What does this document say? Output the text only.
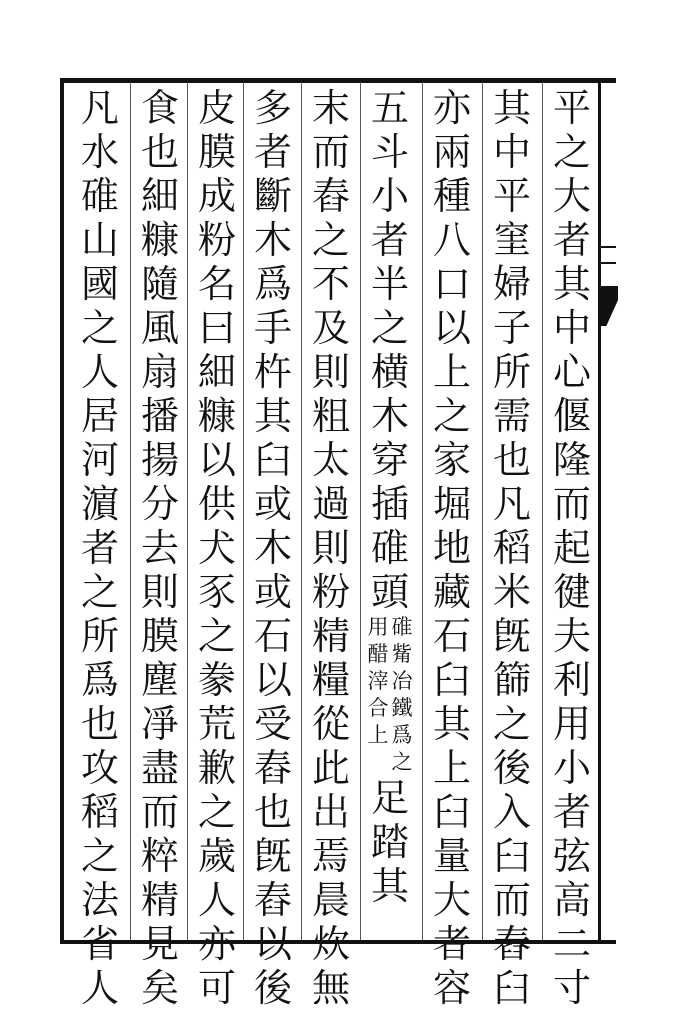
平
之
大
者
其
中
心
偃
隆
而
起
徤
夫
利
用
小
者
弦
高
二
寸
其
中
平
窐
婦
子
所
需
也
凡
稻
米
旣
篩
之
後
入
臼
而
舂
臼
亦
兩
種
八
口
以
上
之
家
堀
地
藏
石
臼
其
上
臼
量
大
者
容
五
斗
小
者
半
之
横
木
穿
插
碓
頭
碓
觜
冶
鐵
爲
之
用
醋
滓
合
上
足
踏
其
末
而
舂
之
不
及
則
粗
太
過
則
粉
精
糧
從
此
出
焉
晨
炊
無
多
者
斷
木
爲
手
杵
其
臼
或
木
或
石
以
受
舂
也
旣
舂
以
後
皮
膜
成
粉
名
曰
細
糠
以
供
犬
豕
之
豢
荒
歉
之
歲
人
亦
可
食
也
細
糠
隨
風
扇
播
揚
分
去
則
膜
塵
凈
盡
而
粹
精
見
矣
凡
水
碓
山
國
之
人
居
河
濵
者
之
所
爲
也
攻
稻
之
法
省
人
